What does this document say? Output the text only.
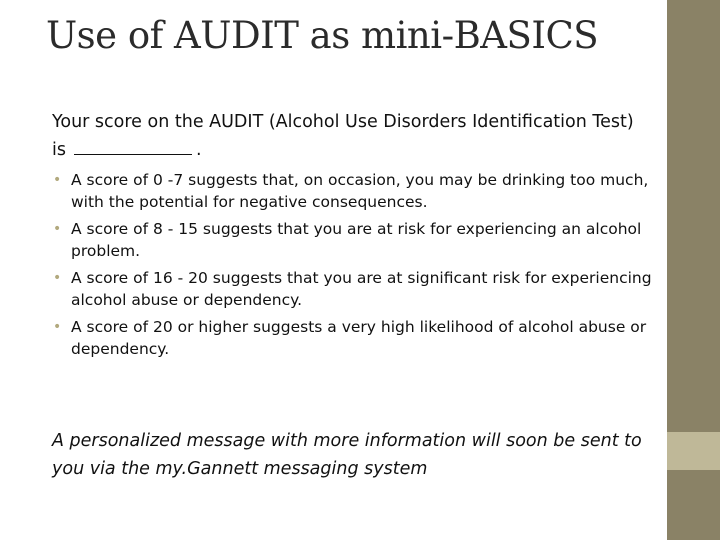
Use of AUDIT as mini-BASICS

Your score on the AUDIT (Alcohol Use Disorders Identification Test) is	.

• A score of 0 -7 suggests that, on occasion, you may be drinking too much, with the potential for negative consequences.
• A score of 8 - 15 suggests that you are at risk for experiencing an alcohol problem.
• A score of 16 - 20 suggests that you are at significant risk for experiencing alcohol abuse or dependency.
• A score of 20 or higher suggests a very high likelihood of alcohol abuse or dependency.

A personalized message with more information will soon be sent to you via the my.Gannett messaging system
